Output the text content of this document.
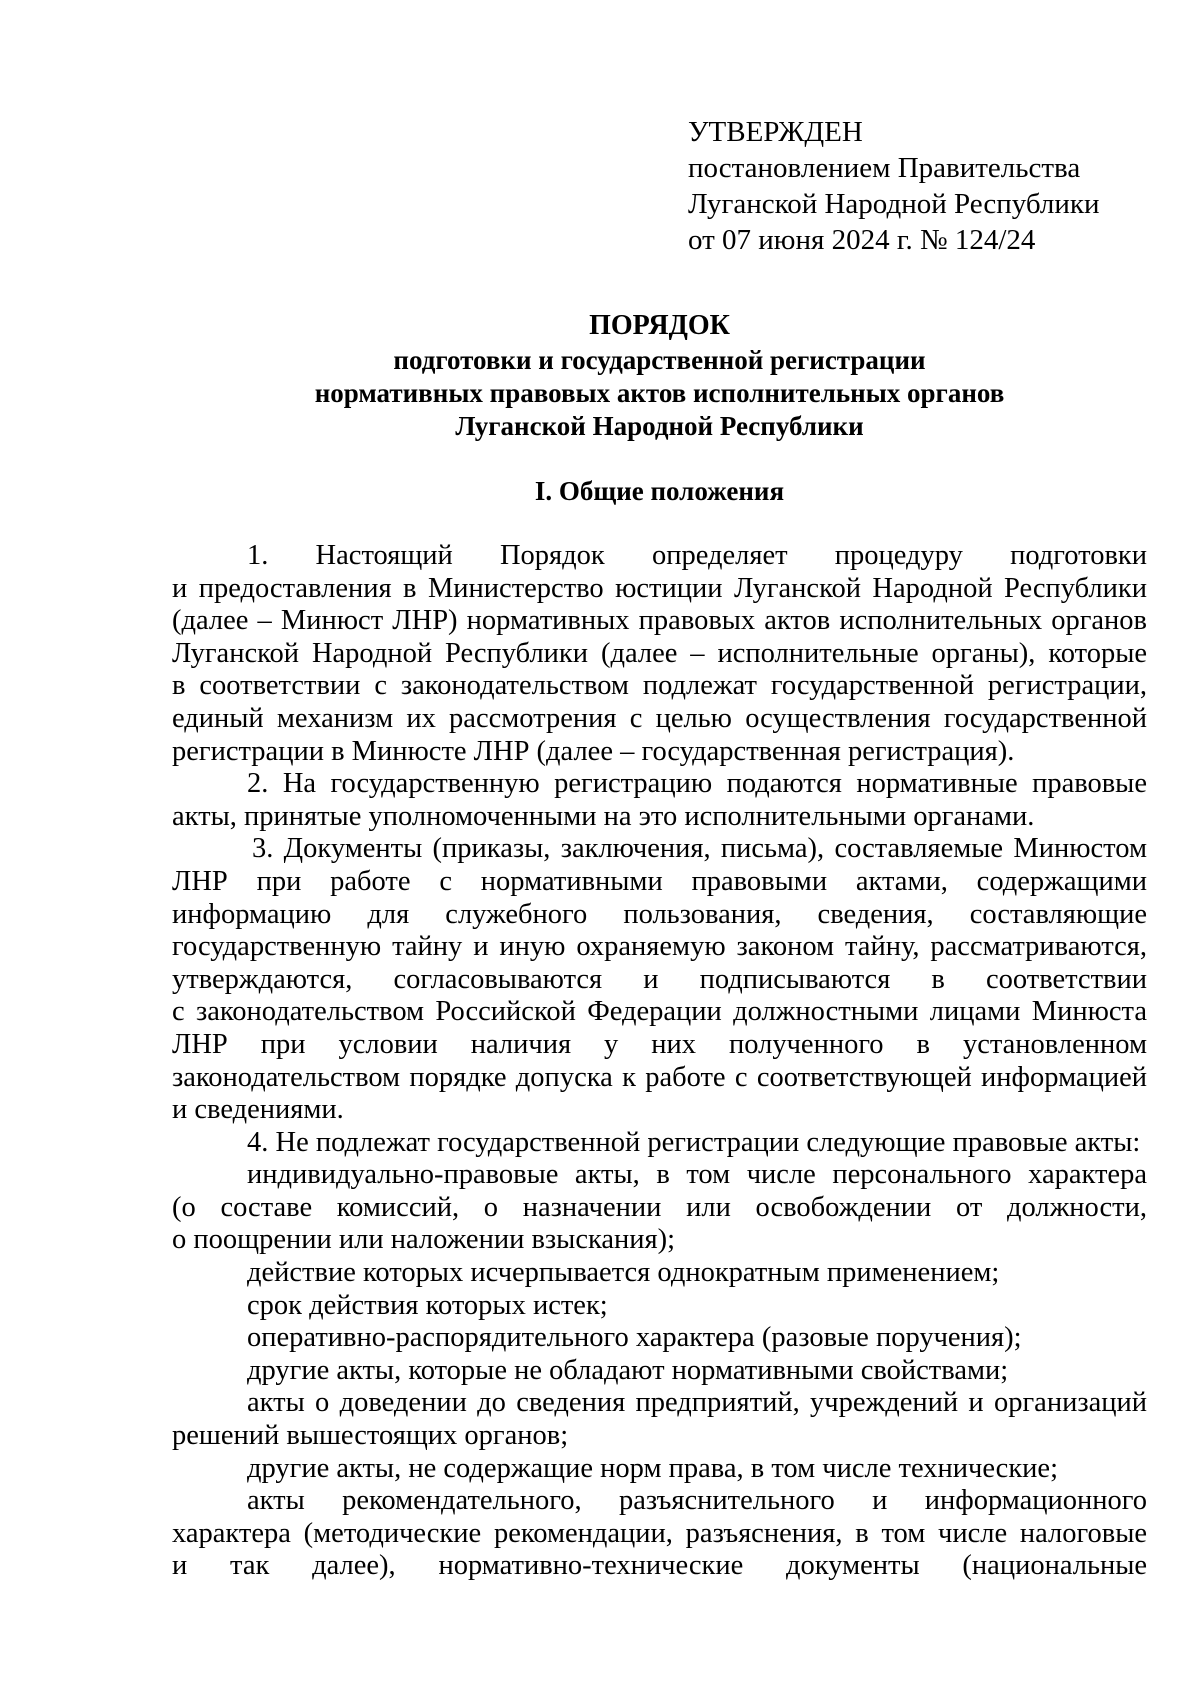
УТВЕРЖДЕН
постановлением Правительства
Луганской Народной Республики
от 07 июня 2024 г. № 124/24
ПОРЯДОК
подготовки и государственной регистрации
нормативных правовых актов исполнительных органов
Луганской Народной Республики
I. Общие положения
1. Настоящий Порядок определяет процедуру подготовки
и предоставления в Министерство юстиции Луганской Народной Республики
(далее – Минюст ЛНР) нормативных правовых актов исполнительных органов
Луганской Народной Республики (далее – исполнительные органы), которые
в соответствии с законодательством подлежат государственной регистрации,
единый механизм их рассмотрения с целью осуществления государственной
регистрации в Минюсте ЛНР (далее – государственная регистрация).
2. На государственную регистрацию подаются нормативные правовые
акты, принятые уполномоченными на это исполнительными органами.
3. Документы (приказы, заключения, письма), составляемые Минюстом
ЛНР при работе с нормативными правовыми актами, содержащими
информацию для служебного пользования, сведения, составляющие
государственную тайну и иную охраняемую законом тайну, рассматриваются,
утверждаются, согласовываются и подписываются в соответствии
с законодательством Российской Федерации должностными лицами Минюста
ЛНР при условии наличия у них полученного в установленном
законодательством порядке допуска к работе с соответствующей информацией
и сведениями.
4. Не подлежат государственной регистрации следующие правовые акты:
индивидуально-правовые акты, в том числе персонального характера
(о составе комиссий, о назначении или освобождении от должности,
о поощрении или наложении взыскания);
действие которых исчерпывается однократным применением;
срок действия которых истек;
оперативно-распорядительного характера (разовые поручения);
другие акты, которые не обладают нормативными свойствами;
акты о доведении до сведения предприятий, учреждений и организаций
решений вышестоящих органов;
другие акты, не содержащие норм права, в том числе технические;
акты рекомендательного, разъяснительного и информационного
характера (методические рекомендации, разъяснения, в том числе налоговые
и так далее), нормативно-технические документы (национальные
